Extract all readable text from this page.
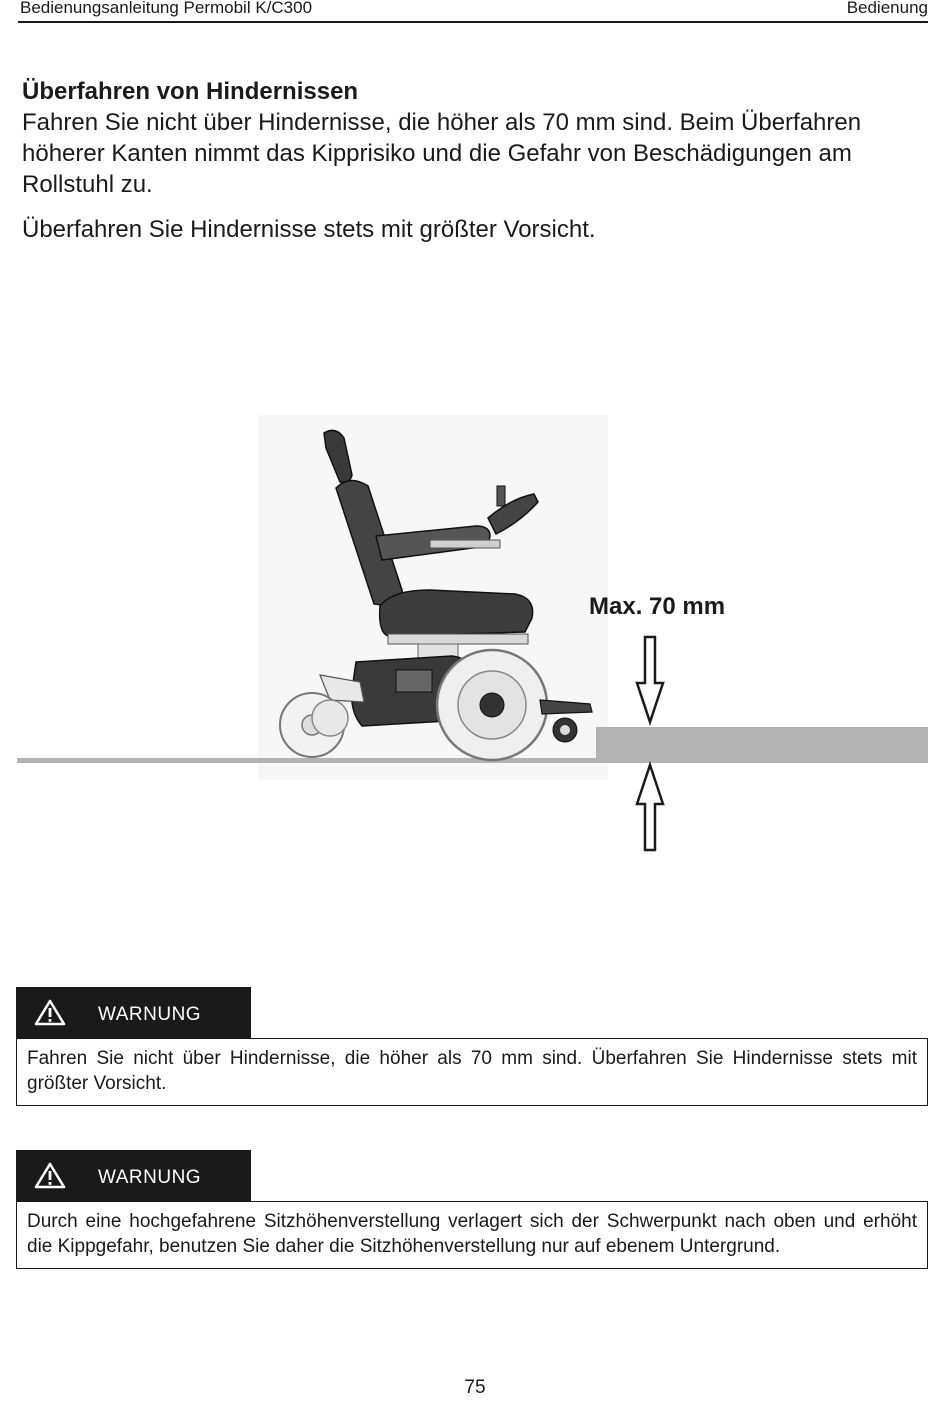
Bedienungsanleitung Permobil K/C300	Bedienung
Überfahren von Hindernissen

Fahren Sie nicht über Hindernisse, die höher als 70 mm sind. Beim Überfahren höherer Kanten nimmt das Kipprisiko und die Gefahr von Beschädigungen am Rollstuhl zu.

Überfahren Sie Hindernisse stets mit größter Vorsicht.

Max. 70 mm
WARNUNG
Fahren Sie nicht über Hindernisse, die höher als 70 mm sind. Überfahren Sie Hindernisse stets mit größter Vorsicht.
WARNUNG
Durch eine hochgefahrene Sitzhöhenverstellung verlagert sich der Schwerpunkt nach oben und erhöht die Kippgefahr, benutzen Sie daher die Sitzhöhenverstellung nur auf ebenem Untergrund.
75
